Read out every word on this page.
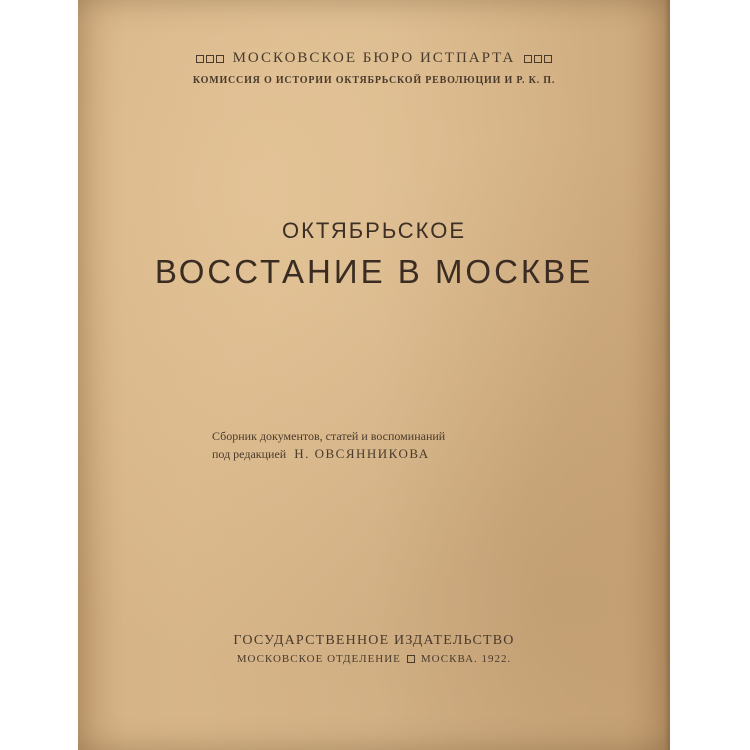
МОСКОВСКОЕ БЮРО ИСТПАРТА
КОМИССИЯ О ИСТОРИИ ОКТЯБРЬСКОЙ РЕВОЛЮЦИИ И Р. К. П.
ОКТЯБРЬСКОЕ
ВОССТАНИЕ В МОСКВЕ
Сборник документов, статей и воспоминаний
под редакцией Н. ОВСЯННИКОВА
ГОСУДАРСТВЕННОЕ ИЗДАТЕЛЬСТВО
МОСКОВСКОЕ ОТДЕЛЕНИЕ МОСКВА. 1922.
